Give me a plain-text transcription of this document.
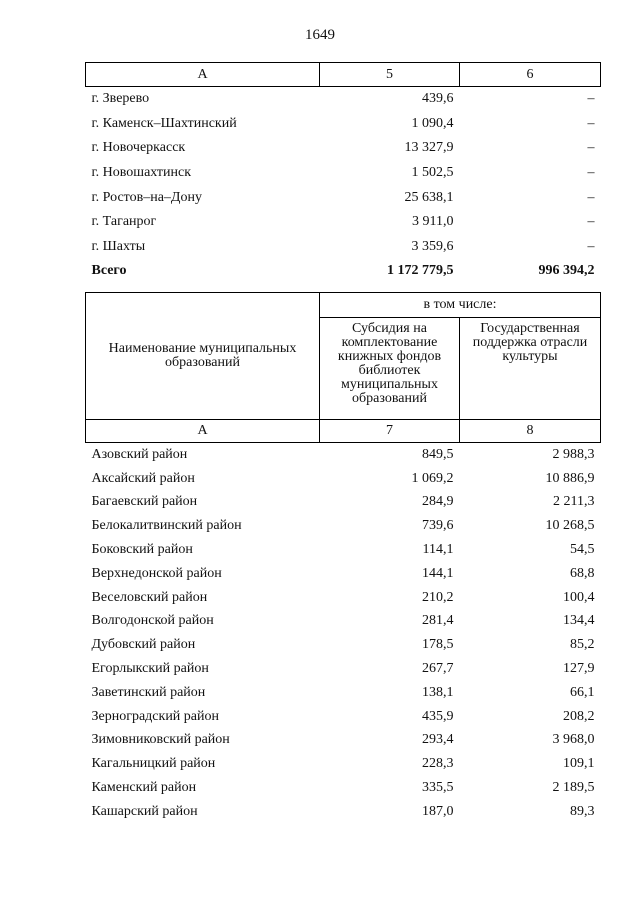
1649
А	5	6
г. Зверево	439,6	–
г. Каменск–Шахтинский	1 090,4	–
г. Новочеркасск	13 327,9	–
г. Новошахтинск	1 502,5	–
г. Ростов–на–Дону	25 638,1	–
г. Таганрог	3 911,0	–
г. Шахты	3 359,6	–
Всего	1 172 779,5	996 394,2
Наименование муниципальных образований	в том числе:	

	Субсидия на комплектование книжных фондов библиотек муниципальных образований	Государственная поддержка отрасли культуры

А	7	8
Азовский район	849,5	2 988,3
Аксайский район	1 069,2	10 886,9
Багаевский район	284,9	2 211,3
Белокалитвинский район	739,6	10 268,5
Боковский район	114,1	54,5
Верхнедонской район	144,1	68,8
Веселовский район	210,2	100,4
Волгодонской район	281,4	134,4
Дубовский район	178,5	85,2
Егорлыкский район	267,7	127,9
Заветинский район	138,1	66,1
Зерноградский район	435,9	208,2
Зимовниковский район	293,4	3 968,0
Кагальницкий район	228,3	109,1
Каменский район	335,5	2 189,5
Кашарский район	187,0	89,3
